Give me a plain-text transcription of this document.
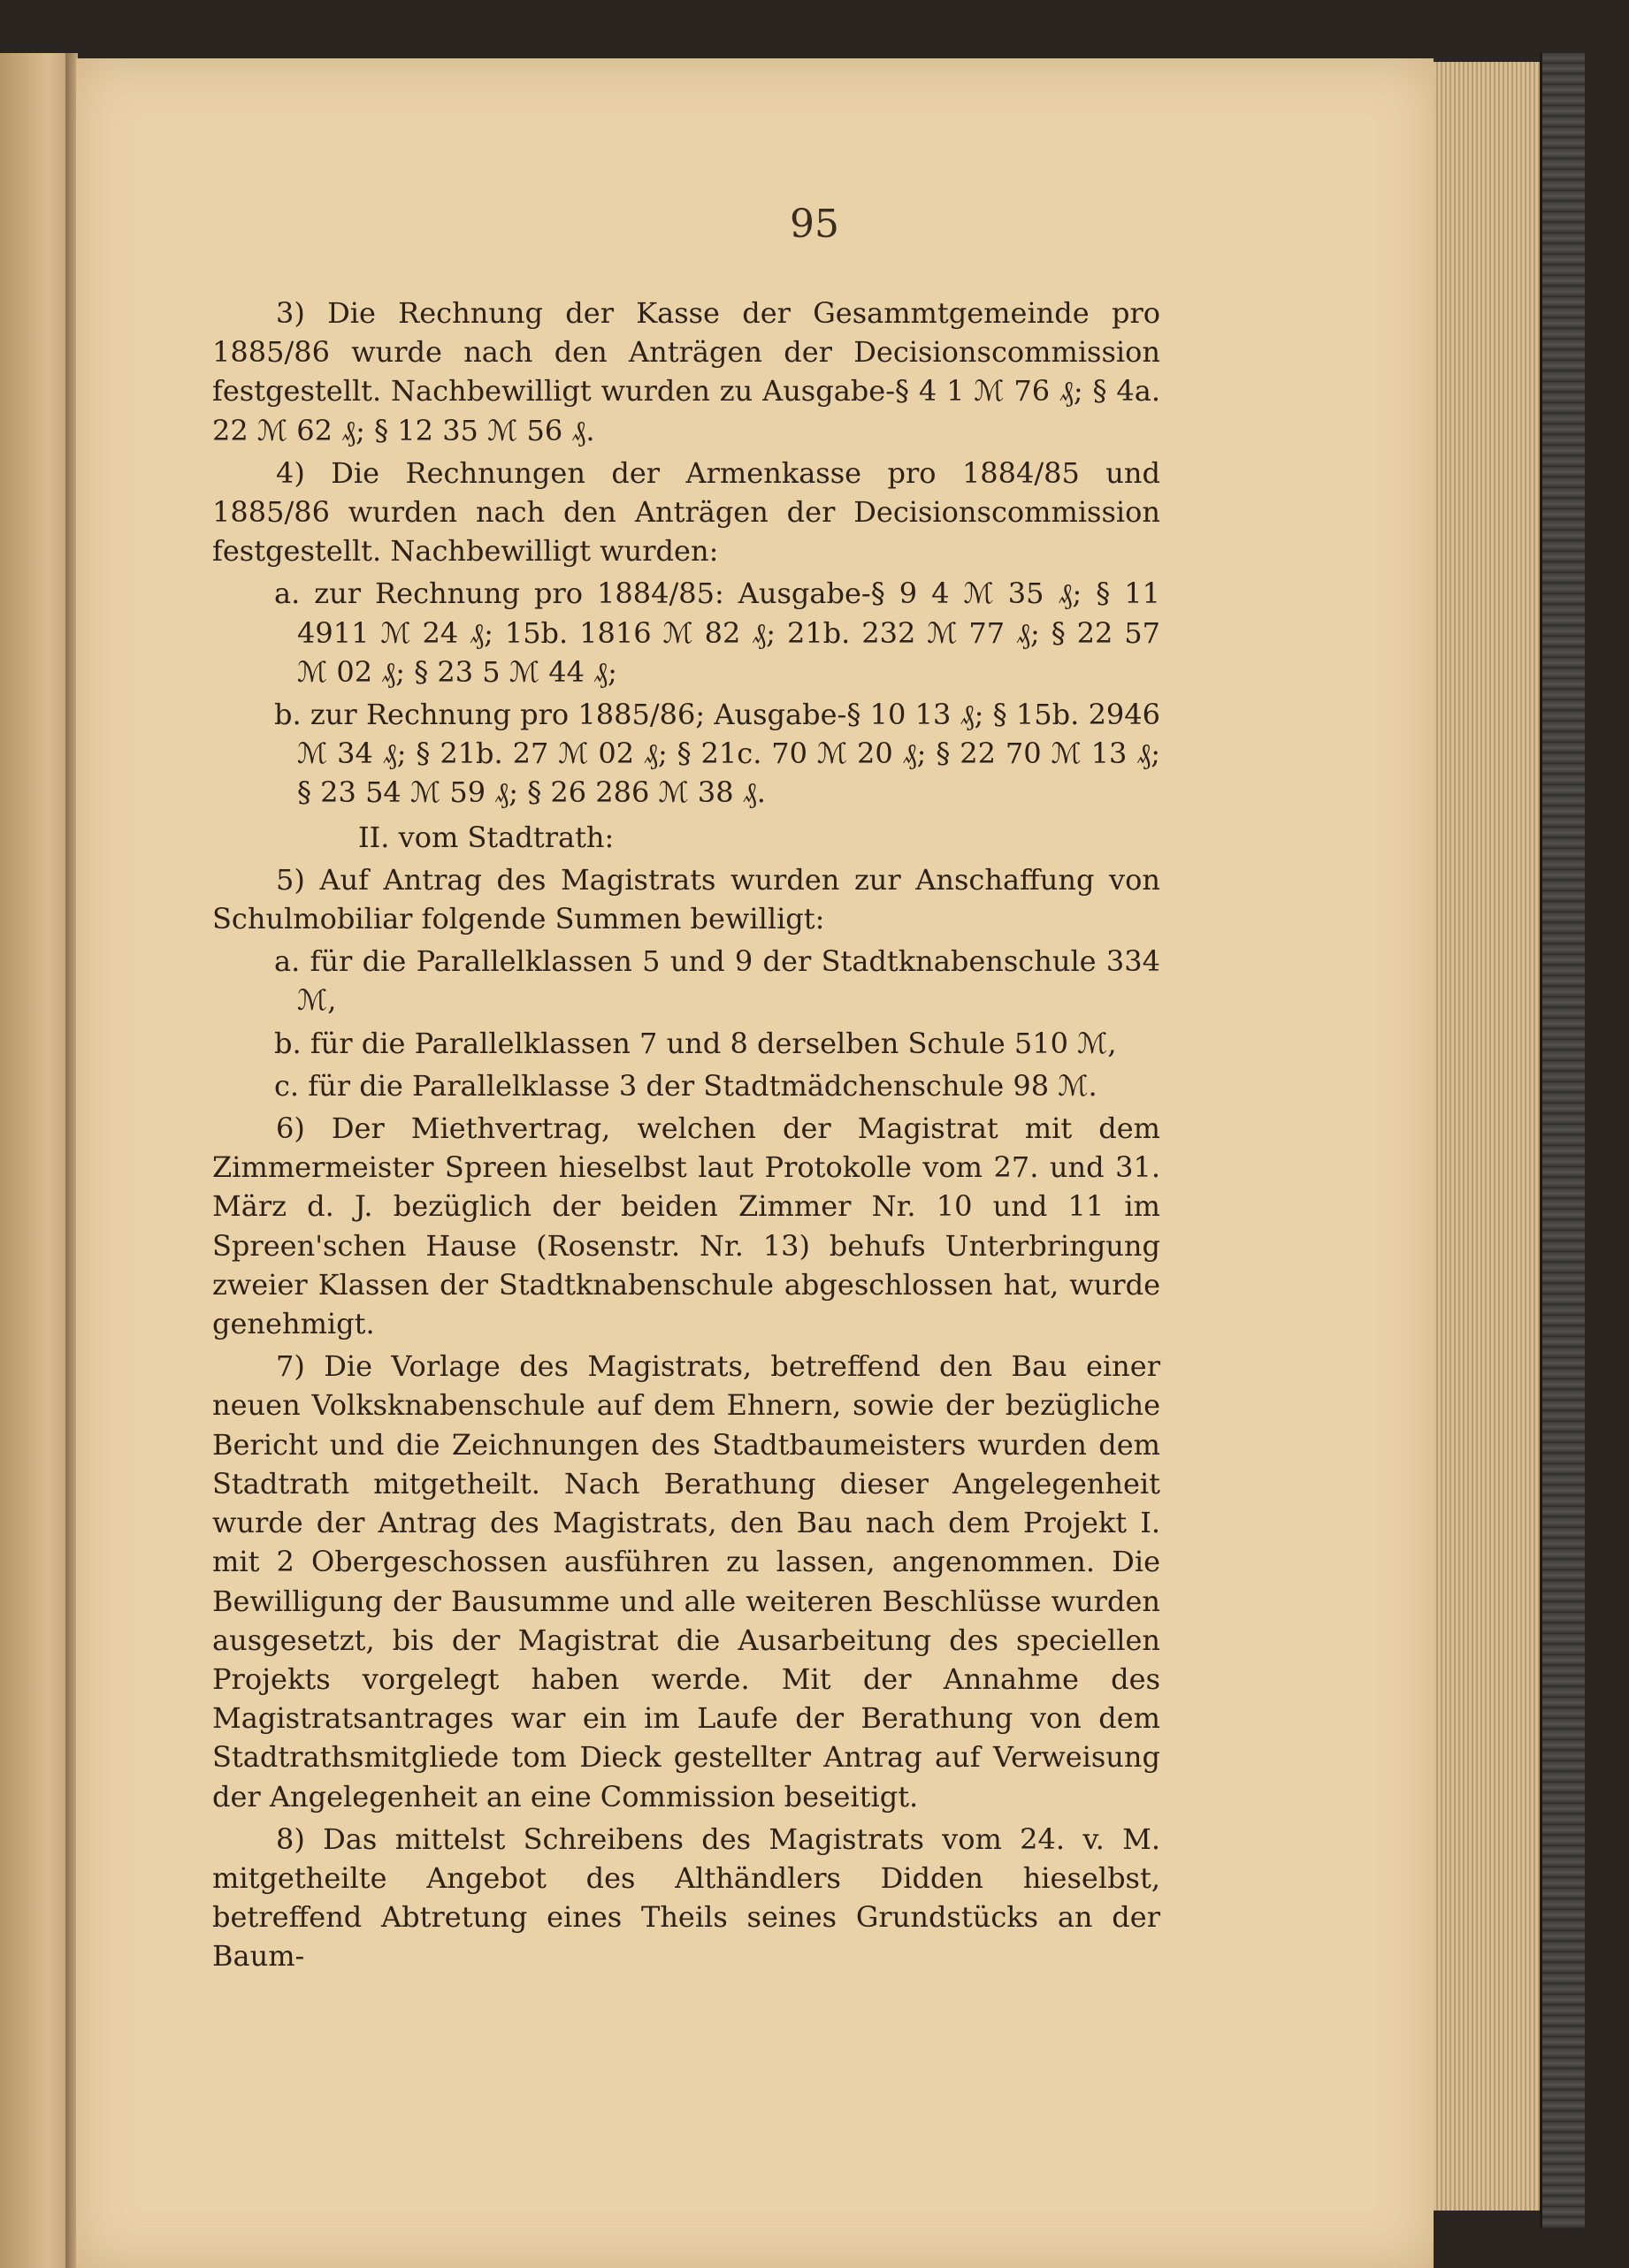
95

3) Die Rechnung der Kasse der Gesammtgemeinde pro 1885/86 wurde nach den Anträgen der Decisionscommission festgestellt. Nachbewilligt wurden zu Ausgabe-§ 4 1 ℳ 76 ₰; § 4a. 22 ℳ 62 ₰; § 12 35 ℳ 56 ₰.

4) Die Rechnungen der Armenkasse pro 1884/85 und 1885/86 wurden nach den Anträgen der Decisionscommission festgestellt. Nachbewilligt wurden:

a. zur Rechnung pro 1884/85: Ausgabe-§ 9 4 ℳ 35 ₰; § 11 4911 ℳ 24 ₰; 15b. 1816 ℳ 82 ₰; 21b. 232 ℳ 77 ₰; § 22 57 ℳ 02 ₰; § 23 5 ℳ 44 ₰;

b. zur Rechnung pro 1885/86; Ausgabe-§ 10 13 ₰; § 15b. 2946 ℳ 34 ₰; § 21b. 27 ℳ 02 ₰; § 21c. 70 ℳ 20 ₰; § 22 70 ℳ 13 ₰; § 23 54 ℳ 59 ₰; § 26 286 ℳ 38 ₰.

II. vom Stadtrath:

5) Auf Antrag des Magistrats wurden zur Anschaffung von Schulmobiliar folgende Summen bewilligt:

a. für die Parallelklassen 5 und 9 der Stadtknabenschule 334 ℳ,

b. für die Parallelklassen 7 und 8 derselben Schule 510 ℳ,

c. für die Parallelklasse 3 der Stadtmädchenschule 98 ℳ.

6) Der Miethvertrag, welchen der Magistrat mit dem Zimmermeister Spreen hieselbst laut Protokolle vom 27. und 31. März d. J. bezüglich der beiden Zimmer Nr. 10 und 11 im Spreen'schen Hause (Rosenstr. Nr. 13) behufs Unterbringung zweier Klassen der Stadtknabenschule abgeschlossen hat, wurde genehmigt.

7) Die Vorlage des Magistrats, betreffend den Bau einer neuen Volksknabenschule auf dem Ehnern, sowie der bezügliche Bericht und die Zeichnungen des Stadtbaumeisters wurden dem Stadtrath mitgetheilt. Nach Berathung dieser Angelegenheit wurde der Antrag des Magistrats, den Bau nach dem Projekt I. mit 2 Obergeschossen ausführen zu lassen, angenommen. Die Bewilligung der Bausumme und alle weiteren Beschlüsse wurden ausgesetzt, bis der Magistrat die Ausarbeitung des speciellen Projekts vorgelegt haben werde. Mit der Annahme des Magistratsantrages war ein im Laufe der Berathung von dem Stadtrathsmitgliede tom Dieck gestellter Antrag auf Verweisung der Angelegenheit an eine Commission beseitigt.

8) Das mittelst Schreibens des Magistrats vom 24. v. M. mitgetheilte Angebot des Althändlers Didden hieselbst, betreffend Abtretung eines Theils seines Grundstücks an der Baum-
